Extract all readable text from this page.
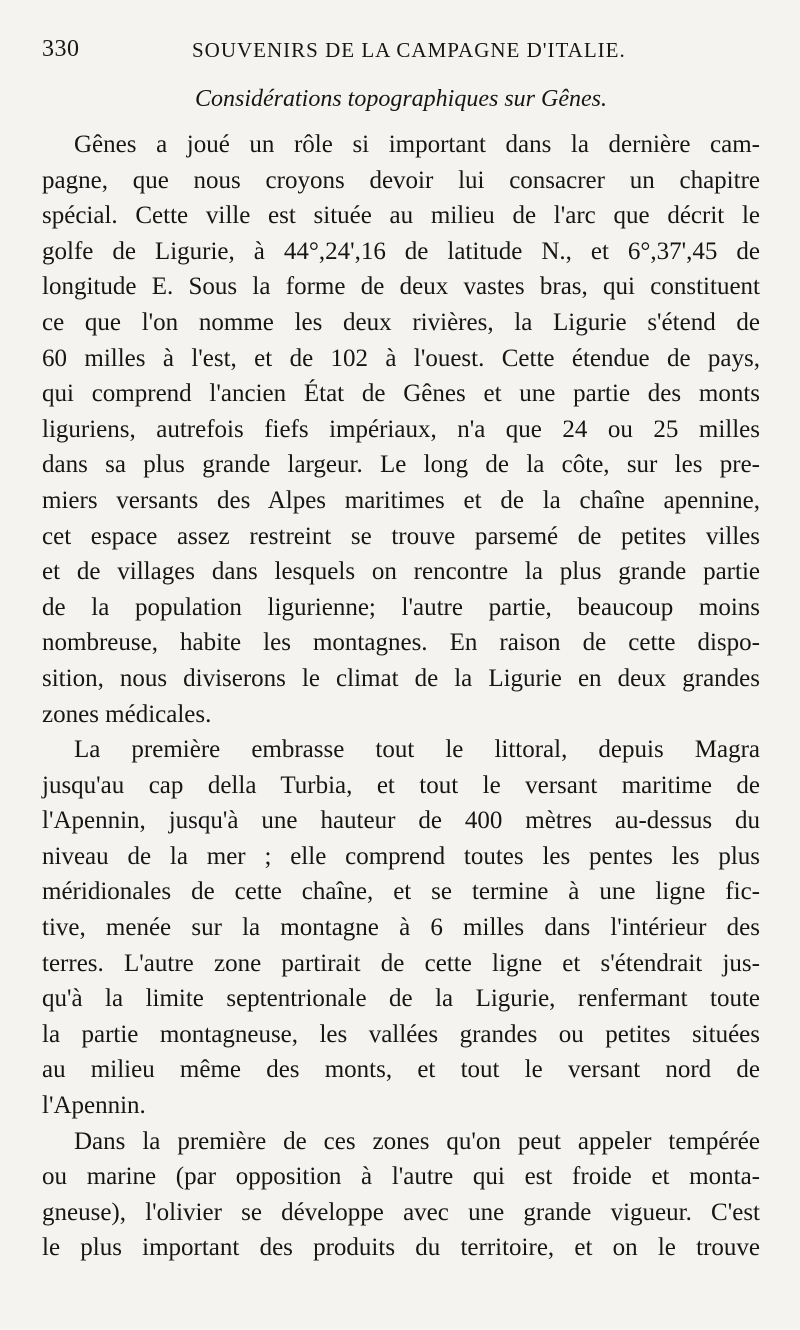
330	SOUVENIRS DE LA CAMPAGNE D'ITALIE.
Considérations topographiques sur Gênes.
Gênes a joué un rôle si important dans la dernière cam-
pagne, que nous croyons devoir lui consacrer un chapitre
spécial. Cette ville est située au milieu de l'arc que décrit le
golfe de Ligurie, à 44°,24',16 de latitude N., et 6°,37',45 de
longitude E. Sous la forme de deux vastes bras, qui constituent
ce que l'on nomme les deux rivières, la Ligurie s'étend de
60 milles à l'est, et de 102 à l'ouest. Cette étendue de pays,
qui comprend l'ancien État de Gênes et une partie des monts
liguriens, autrefois fiefs impériaux, n'a que 24 ou 25 milles
dans sa plus grande largeur. Le long de la côte, sur les pre-
miers versants des Alpes maritimes et de la chaîne apennine,
cet espace assez restreint se trouve parsemé de petites villes
et de villages dans lesquels on rencontre la plus grande partie
de la population ligurienne; l'autre partie, beaucoup moins
nombreuse, habite les montagnes. En raison de cette dispo-
sition, nous diviserons le climat de la Ligurie en deux grandes
zones médicales.
La première embrasse tout le littoral, depuis Magra
jusqu'au cap della Turbia, et tout le versant maritime de
l'Apennin, jusqu'à une hauteur de 400 mètres au-dessus du
niveau de la mer ; elle comprend toutes les pentes les plus
méridionales de cette chaîne, et se termine à une ligne fic-
tive, menée sur la montagne à 6 milles dans l'intérieur des
terres. L'autre zone partirait de cette ligne et s'étendrait jus-
qu'à la limite septentrionale de la Ligurie, renfermant toute
la partie montagneuse, les vallées grandes ou petites situées
au milieu même des monts, et tout le versant nord de
l'Apennin.
Dans la première de ces zones qu'on peut appeler tempérée
ou marine (par opposition à l'autre qui est froide et monta-
gneuse), l'olivier se développe avec une grande vigueur. C'est
le plus important des produits du territoire, et on le trouve
